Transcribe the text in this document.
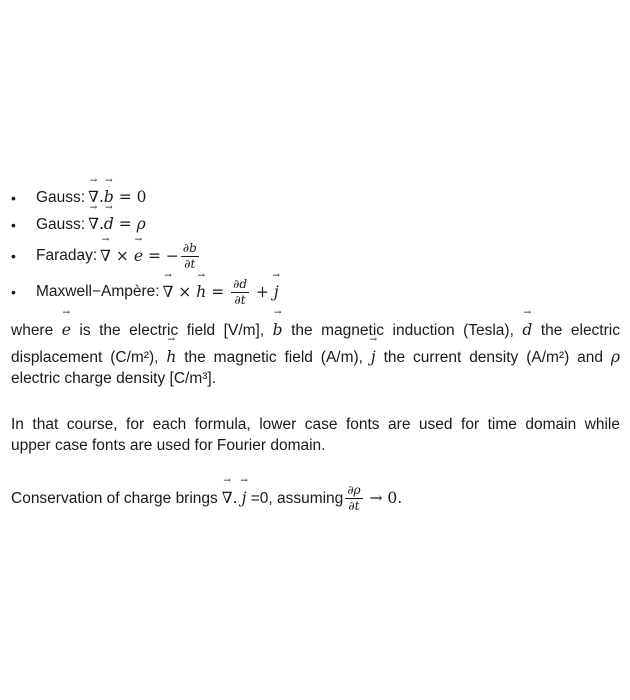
•	Gauss: → ∇.→ b = 0
•	Gauss: → ∇.→ d = ρ
•	Faraday: → ∇ × → e = − $\frac{\partial b}{\partial t}$
•	Maxwell−Ampère: → ∇ × → $h = \frac{\partial d}{\partial t}$ + → j
where → e is the electric field [V/m], → b the magnetic induction (Tesla), → d the electric
displacement (C/m²), → h the magnetic field (A/m), → j the current density (A/m²) and ρ
electric charge density [C/m³].
In that course, for each formula, lower case fonts are used for time domain while
upper case fonts are used for Fourier domain.
Conservation of charge brings → ∇ . → j =0, assuming $\frac{\partial\rho}{\partial t} \to 0$.
